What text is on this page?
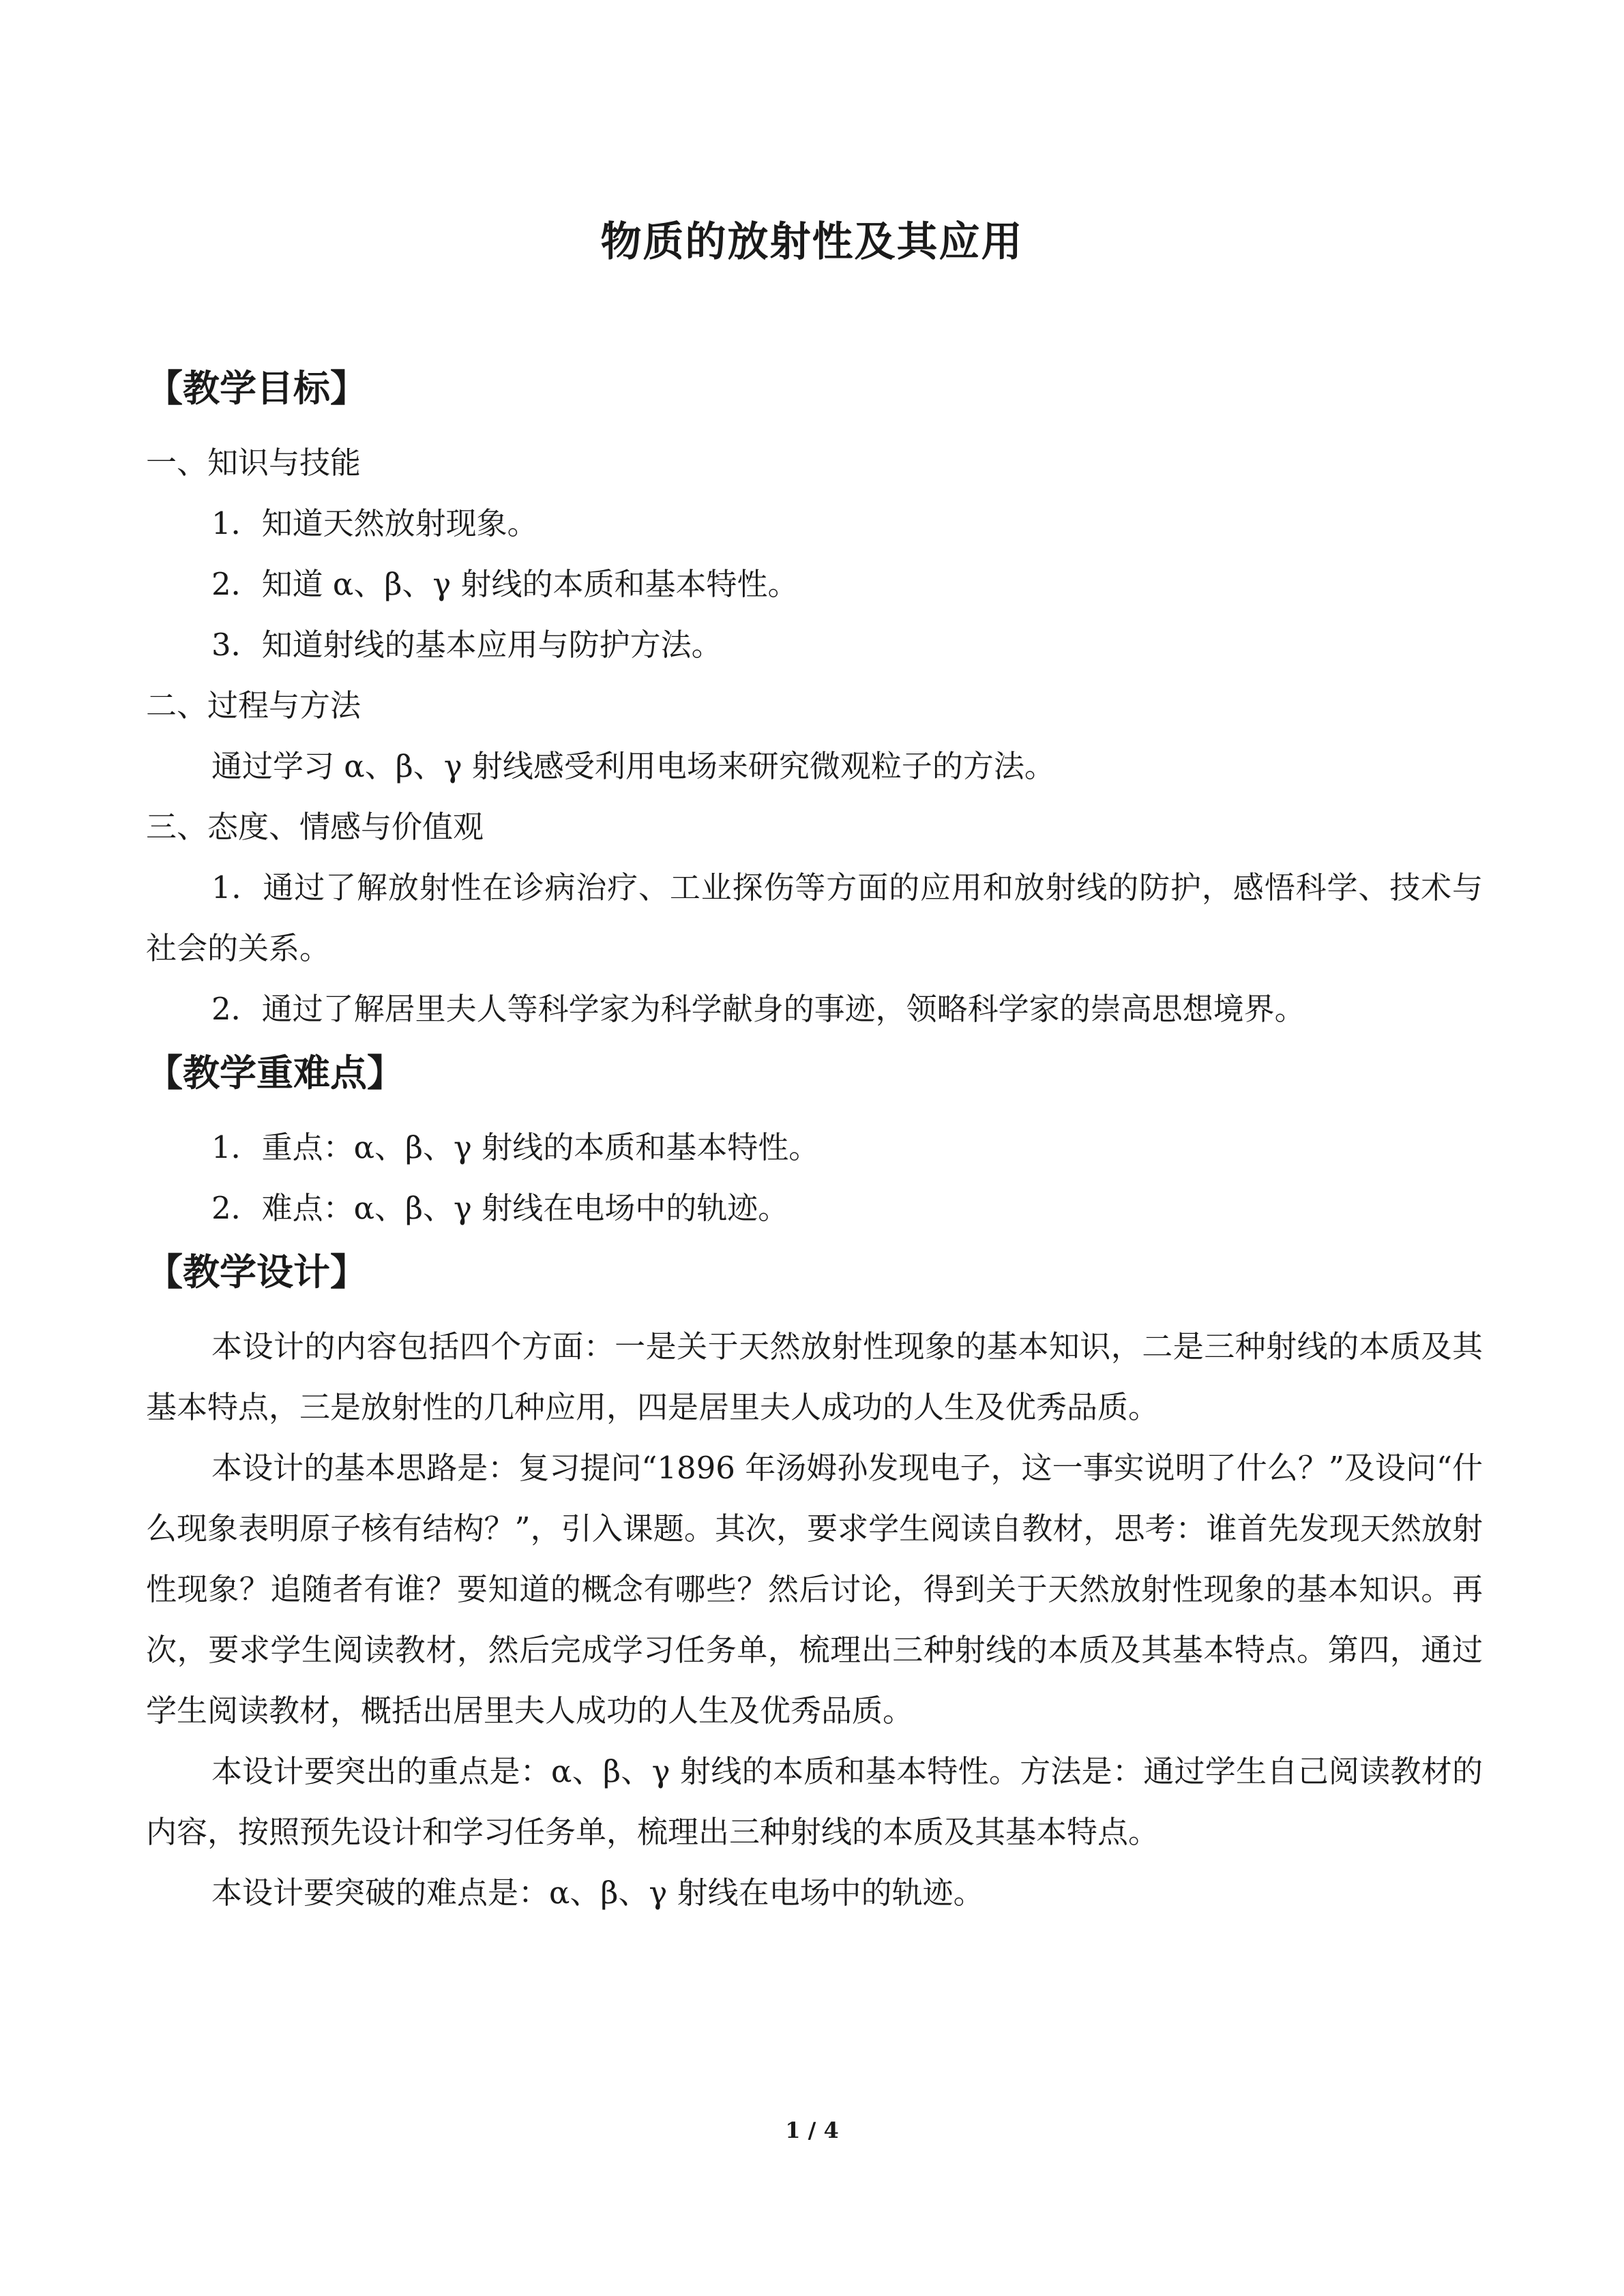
物质的放射性及其应用
【教学目标】
一、知识与技能
1．知道天然放射现象。
2．知道 α、β、γ 射线的本质和基本特性。
3．知道射线的基本应用与防护方法。
二、过程与方法
通过学习 α、β、γ 射线感受利用电场来研究微观粒子的方法。
三、态度、情感与价值观

1．通过了解放射性在诊病治疗、工业探伤等方面的应用和放射线的防护，感悟科学、技术与社会的关系。

2．通过了解居里夫人等科学家为科学献身的事迹，领略科学家的崇高思想境界。
【教学重难点】
1．重点：α、β、γ 射线的本质和基本特性。
2．难点：α、β、γ 射线在电场中的轨迹。
【教学设计】

本设计的内容包括四个方面：一是关于天然放射性现象的基本知识，二是三种射线的本质及其基本特点，三是放射性的几种应用，四是居里夫人成功的人生及优秀品质。

本设计的基本思路是：复习提问“1896 年汤姆孙发现电子，这一事实说明了什么？”及设问“什么现象表明原子核有结构？”，引入课题。其次，要求学生阅读自教材，思考：谁首先发现天然放射性现象？追随者有谁？要知道的概念有哪些？然后讨论，得到关于天然放射性现象的基本知识。再次，要求学生阅读教材，然后完成学习任务单，梳理出三种射线的本质及其基本特点。第四，通过学生阅读教材，概括出居里夫人成功的人生及优秀品质。

本设计要突出的重点是：α、β、γ 射线的本质和基本特性。方法是：通过学生自己阅读教材的内容，按照预先设计和学习任务单，梳理出三种射线的本质及其基本特点。

本设计要突破的难点是：α、β、γ 射线在电场中的轨迹。

1 / 4
